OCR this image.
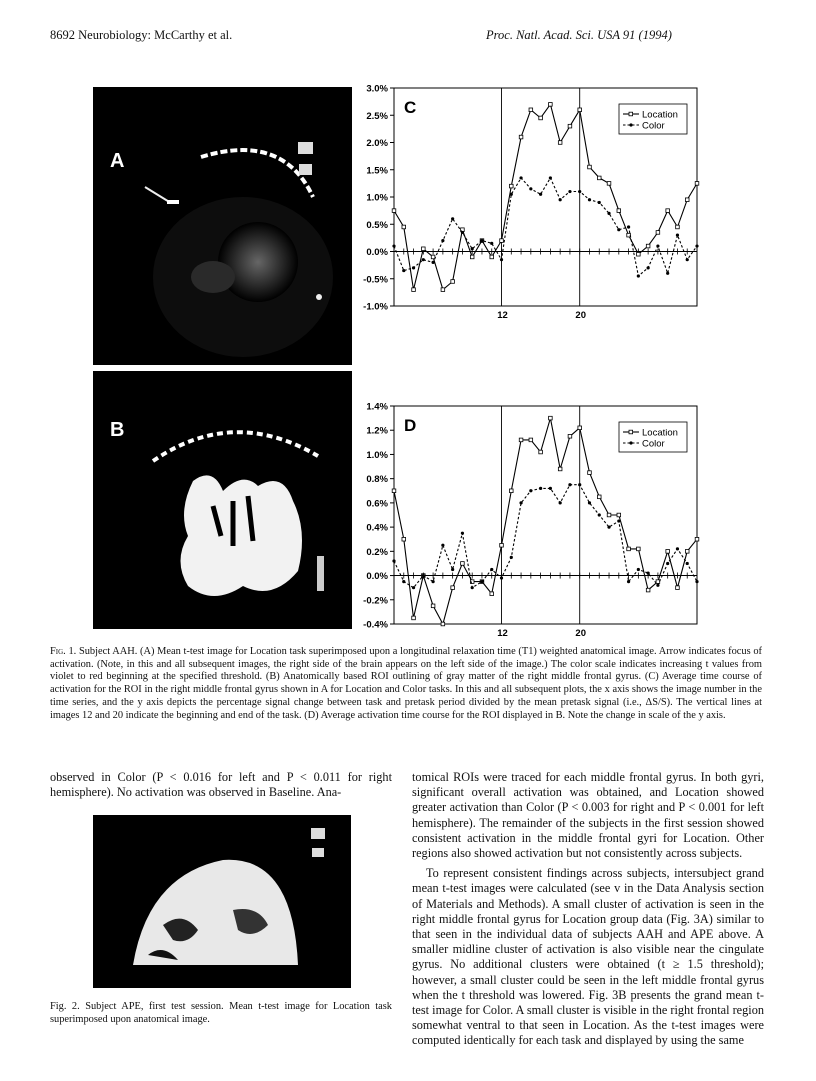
8692 Neurobiology: McCarthy et al.	Proc. Natl. Acad. Sci. USA 91 (1994)
A
B
3.0%
2.5%
2.0%
1.5%
1.0%
0.5%
0.0%
-0.5%
-1.0%
12	20
Location
Color
C
1.4%
1.2%
1.0%
0.8%
0.6%
0.4%
0.2%
0.0%
-0.2%
-0.4%
12	20
Location
Color
D
Fig. 1. Subject AAH. (A) Mean t-test image for Location task superimposed upon a longitudinal relaxation time (T1) weighted anatomical image. Arrow indicates focus of activation. (Note, in this and all subsequent images, the right side of the brain appears on the left side of the image.) The color scale indicates increasing t values from violet to red beginning at the specified threshold. (B) Anatomically based ROI outlining of gray matter of the right middle frontal gyrus. (C) Average time course of activation for the ROI in the right middle frontal gyrus shown in A for Location and Color tasks. In this and all subsequent plots, the x axis shows the image number in the time series, and the y axis depicts the percentage signal change between task and pretask period divided by the mean pretask signal (i.e., ΔS/S). The vertical lines at images 12 and 20 indicate the beginning and end of the task. (D) Average activation time course for the ROI displayed in B. Note the change in scale of the y axis.

observed in Color (P < 0.016 for left and P < 0.011 for right hemisphere). No activation was observed in Baseline. Ana-

Fig. 2. Subject APE, first test session. Mean t-test image for Location task superimposed upon anatomical image.

tomical ROIs were traced for each middle frontal gyrus. In both gyri, significant overall activation was obtained, and Location showed greater activation than Color (P < 0.003 for right and P < 0.001 for left hemisphere). The remainder of the subjects in the first session showed consistent activation in the middle frontal gyri for Location. Other regions also showed activation but not consistently across subjects.

To represent consistent findings across subjects, intersubject grand mean t-test images were calculated (see v in the Data Analysis section of Materials and Methods). A small cluster of activation is seen in the right middle frontal gyrus for Location group data (Fig. 3A) similar to that seen in the individual data of subjects AAH and APE above. A smaller midline cluster of activation is also visible near the cingulate gyrus. No additional clusters were obtained (t ≥ 1.5 threshold); however, a small cluster could be seen in the left middle frontal gyrus when the t threshold was lowered. Fig. 3B presents the grand mean t-test image for Color. A small cluster is visible in the right frontal region somewhat ventral to that seen in Location. As the t-test images were computed identically for each task and displayed by using the same
